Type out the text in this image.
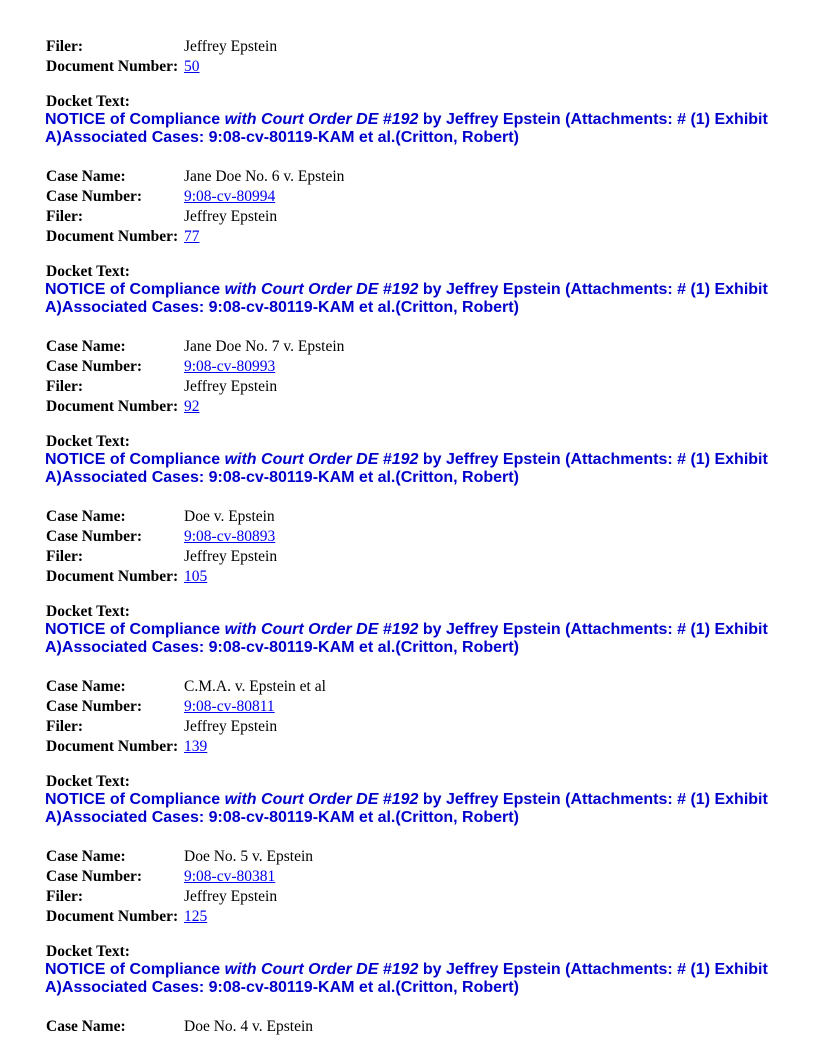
Filer:	Jeffrey Epstein
Document Number: 50
Docket Text:
NOTICE of Compliance with Court Order DE #192 by Jeffrey Epstein (Attachments: # (1) Exhibit A)Associated Cases: 9:08-cv-80119-KAM et al.(Critton, Robert)
Case Name:	Jane Doe No. 6 v. Epstein
Case Number:	9:08-cv-80994
Filer:	Jeffrey Epstein
Document Number: 77
Docket Text:
NOTICE of Compliance with Court Order DE #192 by Jeffrey Epstein (Attachments: # (1) Exhibit A)Associated Cases: 9:08-cv-80119-KAM et al.(Critton, Robert)
Case Name:	Jane Doe No. 7 v. Epstein
Case Number:	9:08-cv-80993
Filer:	Jeffrey Epstein
Document Number: 92
Docket Text:
NOTICE of Compliance with Court Order DE #192 by Jeffrey Epstein (Attachments: # (1) Exhibit A)Associated Cases: 9:08-cv-80119-KAM et al.(Critton, Robert)
Case Name:	Doe v. Epstein
Case Number:	9:08-cv-80893
Filer:	Jeffrey Epstein
Document Number: 105
Docket Text:
NOTICE of Compliance with Court Order DE #192 by Jeffrey Epstein (Attachments: # (1) Exhibit A)Associated Cases: 9:08-cv-80119-KAM et al.(Critton, Robert)
Case Name:	C.M.A. v. Epstein et al
Case Number:	9:08-cv-80811
Filer:	Jeffrey Epstein
Document Number: 139
Docket Text:
NOTICE of Compliance with Court Order DE #192 by Jeffrey Epstein (Attachments: # (1) Exhibit A)Associated Cases: 9:08-cv-80119-KAM et al.(Critton, Robert)
Case Name:	Doe No. 5 v. Epstein
Case Number:	9:08-cv-80381
Filer:	Jeffrey Epstein
Document Number: 125
Docket Text:
NOTICE of Compliance with Court Order DE #192 by Jeffrey Epstein (Attachments: # (1) Exhibit A)Associated Cases: 9:08-cv-80119-KAM et al.(Critton, Robert)
Case Name:	Doe No. 4 v. Epstein
